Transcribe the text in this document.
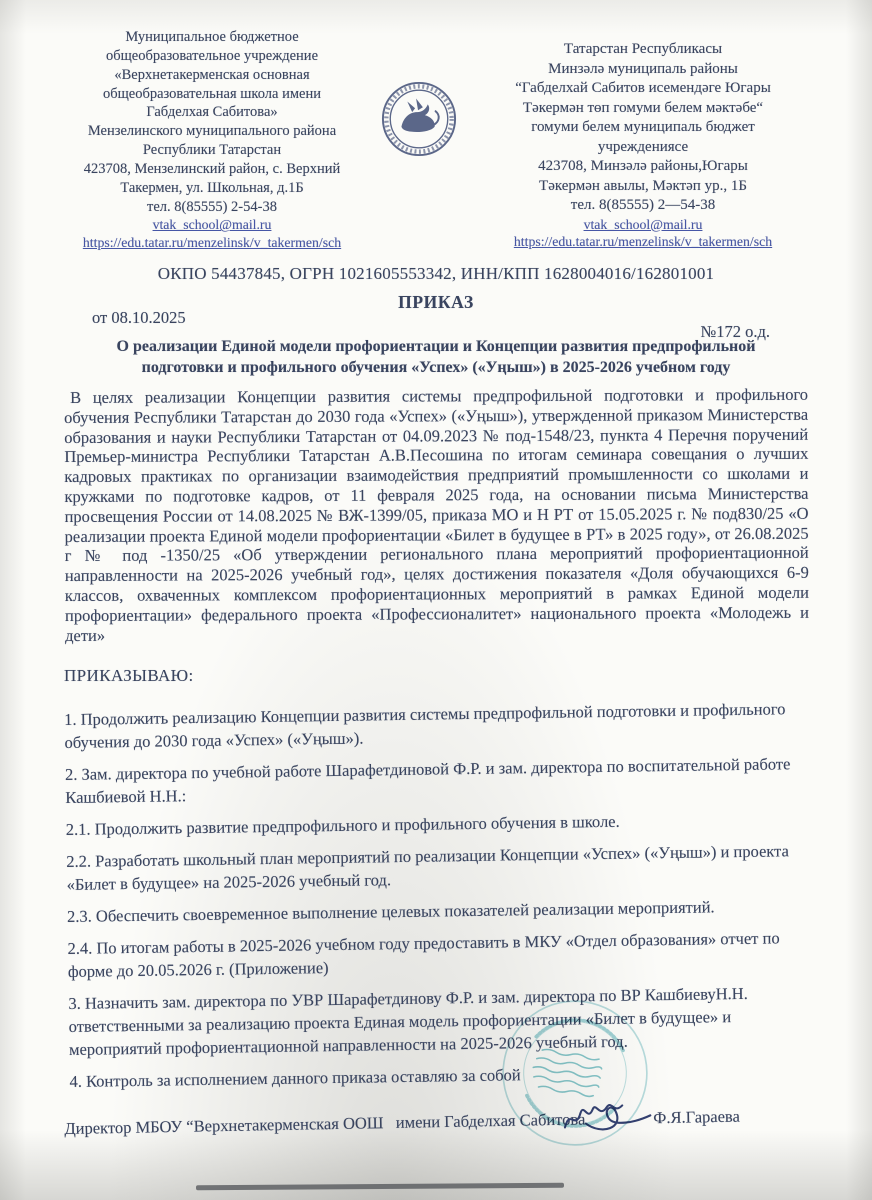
Муниципальное бюджетное
общеобразовательное учреждение
«Верхнетакерменская основная
общеобразовательная школа имени
Габделхая Сабитова»
Мензелинского муниципального района
Республики Татарстан
423708, Мензелинский район, с. Верхний
Такермен, ул. Школьная, д.1Б
тел. 8(85555) 2-54-38
vtak_school@mail.ru
https://edu.tatar.ru/menzelinsk/v_takermen/sch
Татарстан Республикасы
Минзәлә муниципаль районы
“Габделхай Сабитов исемендәге Югары
Тәкермән төп гомуми белем мәктәбе“
гомуми белем муниципаль бюджет
учреждениясе
423708, Минзәлә районы,Югары
Тәкермән авылы, Мәктәп ур., 1Б
тел. 8(85555) 2—54-38
vtak_school@mail.ru
https://edu.tatar.ru/menzelinsk/v_takermen/sch
ОКПО 54437845, ОГРН 1021605553342, ИНН/КПП 1628004016/162801001
от 08.10.2025
ПРИКАЗ
№172 о.д.
О реализации Единой модели профориентации и Концепции развития предпрофильной подготовки и профильного обучения «Успех» («Уңыш») в 2025-2026 учебном году

В целях реализации Концепции развития системы предпрофильной подготовки и профильного обучения Республики Татарстан до 2030 года «Успех» («Уңыш»), утвержденной приказом Министерства образования и науки Республики Татарстан от 04.09.2023 № под-1548/23, пункта 4 Перечня поручений Премьер-министра Республики Татарстан А.В.Песошина по итогам семинара совещания о лучших кадровых практиках по организации взаимодействия предприятий промышленности со школами и кружками по подготовке кадров, от 11 февраля 2025 года, на основании письма Министерства просвещения России от 14.08.2025 № ВЖ-1399/05, приказа МО и Н РТ от 15.05.2025 г. № под830/25 «О реализации проекта Единой модели профориентации «Билет в будущее в РТ» в 2025 году», от 26.08.2025 г № под -1350/25 «Об утверждении регионального плана мероприятий профориентационной направленности на 2025-2026 учебный год», целях достижения показателя «Доля обучающихся 6-9 классов, охваченных комплексом профориентационных мероприятий в рамках Единой модели профориентации» федерального проекта «Профессионалитет» национального проекта «Молодежь и дети»

ПРИКАЗЫВАЮ:

1. Продолжить реализацию Концепции развития системы предпрофильной подготовки и профильного обучения до 2030 года «Успех» («Уңыш»).

2. Зам. директора по учебной работе Шарафетдиновой Ф.Р. и зам. директора по воспитательной работе Кашбиевой Н.Н.:

2.1. Продолжить развитие предпрофильного и профильного обучения в школе.

2.2. Разработать школьный план мероприятий по реализации Концепции «Успех» («Уңыш») и проекта «Билет в будущее» на 2025-2026 учебный год.

2.3. Обеспечить своевременное выполнение целевых показателей реализации мероприятий.

2.4. По итогам работы в 2025-2026 учебном году предоставить в МКУ «Отдел образования» отчет по форме до 20.05.2026 г. (Приложение)

3. Назначить зам. директора по УВР Шарафетдинову Ф.Р. и зам. директора по ВР КашбиевуН.Н. ответственными за реализацию проекта Единая модель профориентации «Билет в будущее» и мероприятий профориентационной направленности на 2025-2026 учебный год.

4. Контроль за исполнением данного приказа оставляю за собой

Директор МБОУ “Верхнетакерменская ООШ   имени Габделхая Сабитова	Ф.Я.Гараева
